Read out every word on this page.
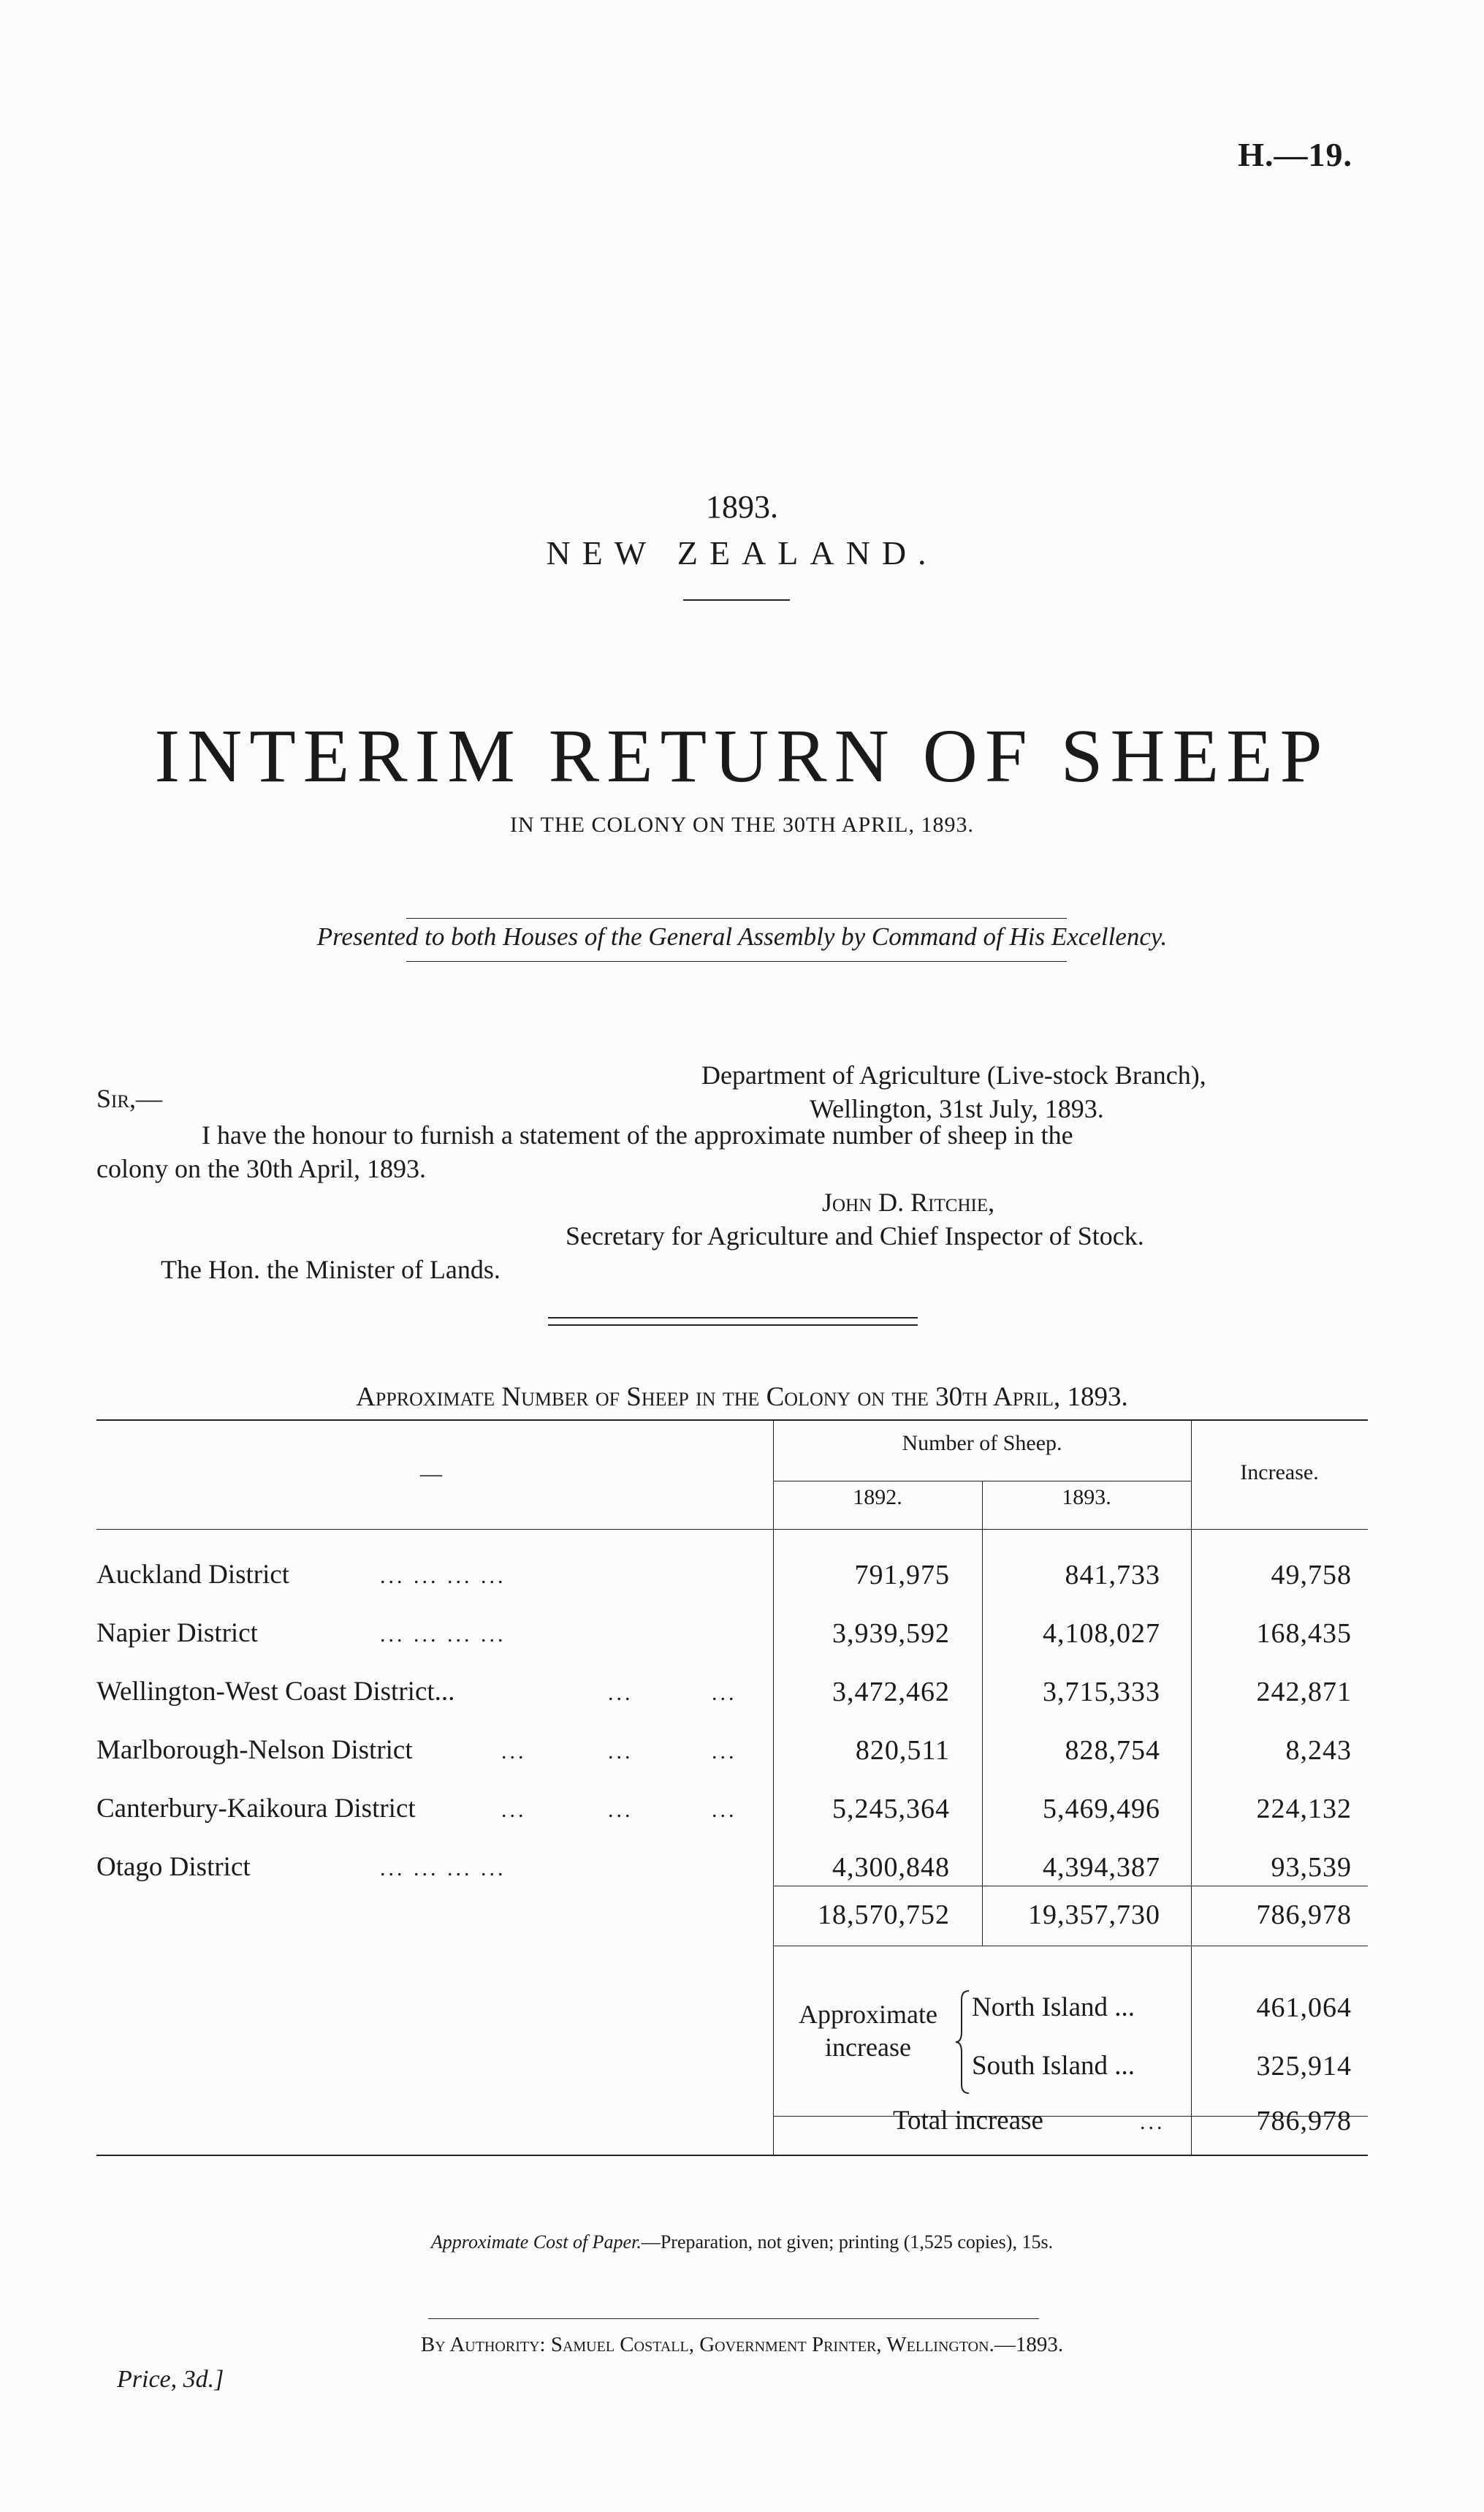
H.—19.
1893.
NEW ZEALAND.
INTERIM RETURN OF SHEEP
IN THE COLONY ON THE 30TH APRIL, 1893.
Presented to both Houses of the General Assembly by Command of His Excellency.
Department of Agriculture (Live-stock Branch),
Wellington, 31st July, 1893.
Sir,—
I have the honour to furnish a statement of the approximate number of sheep in the
colony on the 30th April, 1893.
John D. Ritchie,
Secretary for Agriculture and Chief Inspector of Stock.
The Hon. the Minister of Lands.
Approximate Number of Sheep in the Colony on the 30th April, 1893.
—
Number of Sheep.
1892.	1893.
Increase.
Auckland District	... ... ... ...	791,975	841,733	49,758
Napier District	... ... ... ...	3,939,592	4,108,027	168,435
Wellington-West Coast District...	...	...	3,472,462	3,715,333	242,871
Marlborough-Nelson District	...	...	...	820,511	828,754	8,243
Canterbury-Kaikoura District	...	...	...	5,245,364	5,469,496	224,132
Otago District	... ... ... ...	4,300,848	4,394,387	93,539
18,570,752	19,357,730	786,978
Approximate
increase
North Island ...	461,064
South Island ...	325,914
Total increase	...	786,978
Approximate Cost of Paper.—Preparation, not given; printing (1,525 copies), 15s.
By Authority: Samuel Costall, Government Printer, Wellington.—1893.
Price, 3d.]
